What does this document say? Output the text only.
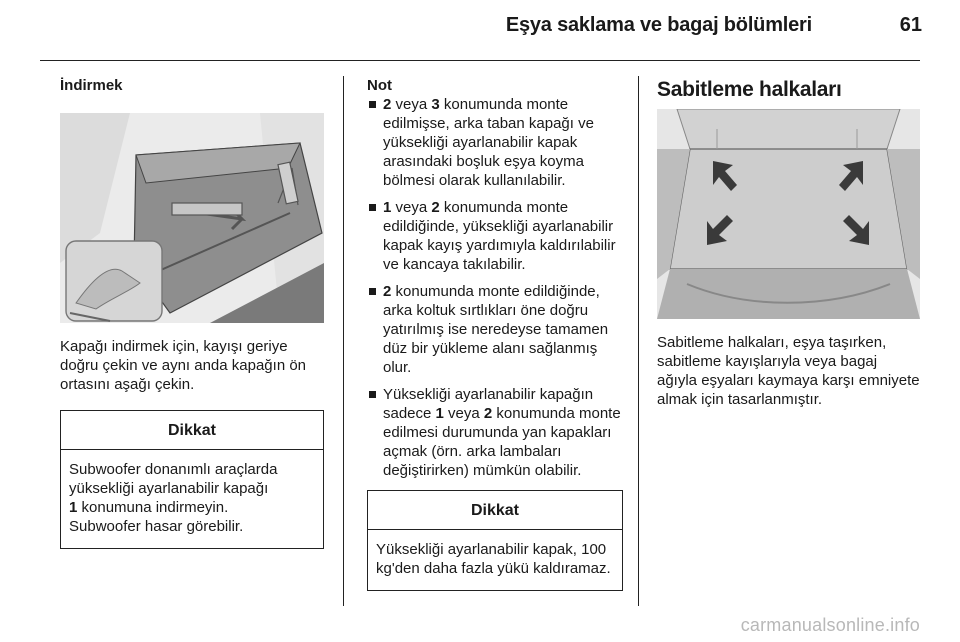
Eşya saklama ve bagaj bölümleri	61

İndirmek

Kapağı indirmek için, kayışı geriye doğru çekin ve aynı anda kapağın ön ortasını aşağı çekin.

Dikkat
Subwoofer donanımlı araçlarda yüksekliği ayarlanabilir kapağı
1 konumuna indirmeyin.
Subwoofer hasar görebilir.

Not

2 veya 3 konumunda monte edilmişse, arka taban kapağı ve yüksekliği ayarlanabilir kapak arasındaki boşluk eşya koyma bölmesi olarak kullanılabilir.
1 veya 2 konumunda monte edildiğinde, yüksekliği ayarlanabilir kapak kayış yardımıyla kaldırılabilir ve kancaya takılabilir.
2 konumunda monte edildiğinde, arka koltuk sırtlıkları öne doğru yatırılmış ise neredeyse tamamen düz bir yükleme alanı sağlanmış olur.
Yüksekliği ayarlanabilir kapağın sadece 1 veya 2 konumunda monte edilmesi durumunda yan kapakları açmak (örn. arka lambaları değiştirirken) mümkün olabilir.
Dikkat
Yüksekliği ayarlanabilir kapak, 100 kg'den daha fazla yükü kaldıramaz.
Sabitleme halkaları

Sabitleme halkaları, eşya taşırken, sabitleme kayışlarıyla veya bagaj ağıyla eşyaları kaymaya karşı emniyete almak için tasarlanmıştır.

carmanualsonline.info
